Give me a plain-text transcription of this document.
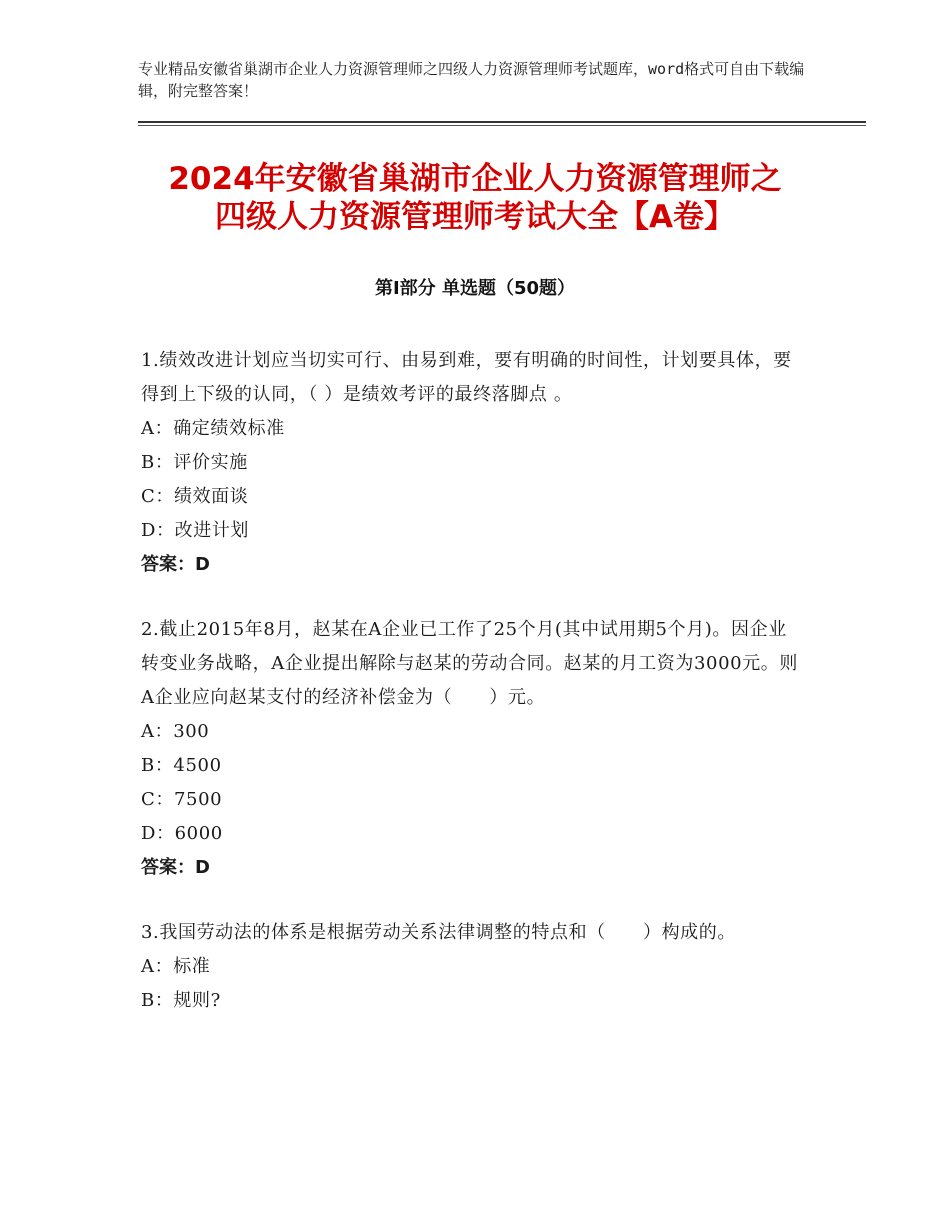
专业精品安徽省巢湖市企业人力资源管理师之四级人力资源管理师考试题库，word格式可自由下载编辑，附完整答案！
2024年安徽省巢湖市企业人力资源管理师之
四级人力资源管理师考试大全【A卷】
第Ⅰ部分 单选题（50题）

1.绩效改进计划应当切实可行、由易到难，要有明确的时间性，计划要具体，要得到上下级的认同，（ ）是绩效考评的最终落脚点 。

A：确定绩效标准

B：评价实施

C：绩效面谈

D：改进计划

答案：D

2.截止2015年8月，赵某在A企业已工作了25个月(其中试用期5个月)。因企业转变业务战略，A企业提出解除与赵某的劳动合同。赵某的月工资为3000元。则A企业应向赵某支付的经济补偿金为（　　）元。

A：300

B：4500

C：7500

D：6000

答案：D

3.我国劳动法的体系是根据劳动关系法律调整的特点和（　　）构成的。

A：标准

B：规则?
